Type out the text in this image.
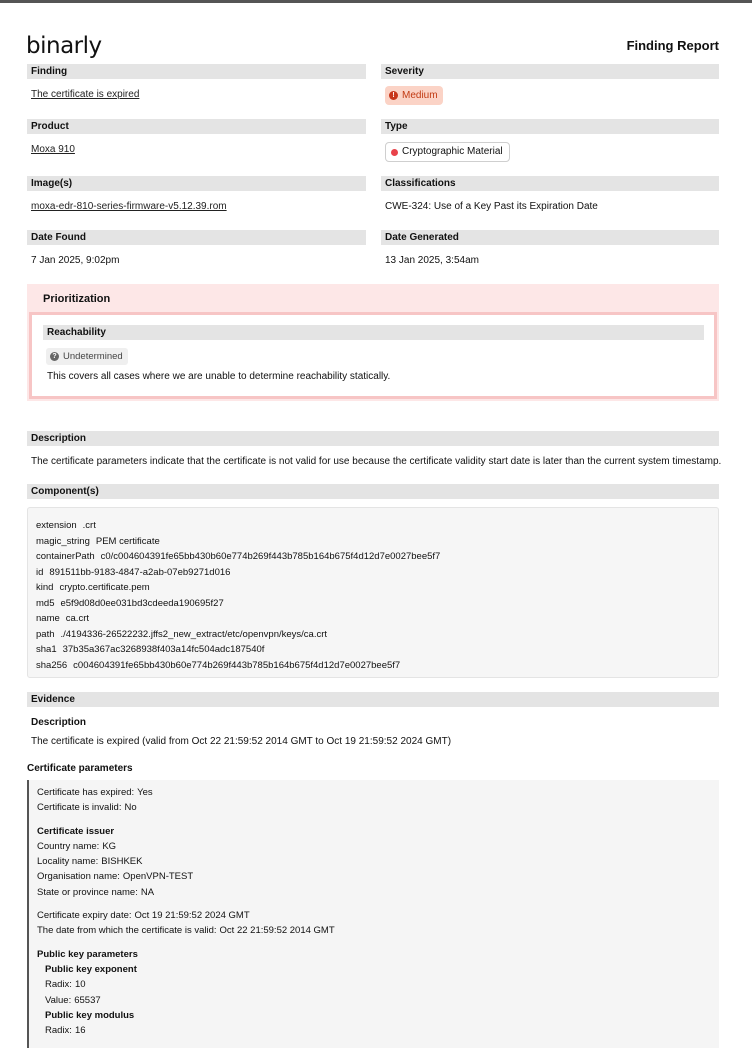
binarly	Finding Report
Finding
The certificate is expired
Severity
! Medium
Product
Moxa 910
Type
Cryptographic Material
Image(s)
moxa-edr-810-series-firmware-v5.12.39.rom
Classifications
CWE-324: Use of a Key Past its Expiration Date
Date Found
7 Jan 2025, 9:02pm
Date Generated
13 Jan 2025, 3:54am
Prioritization
Reachability
? Undetermined
This covers all cases where we are unable to determine reachability statically.
Description
The certificate parameters indicate that the certificate is not valid for use because the certificate validity start date is later than the current system timestamp.
Component(s)
extension .crt
magic_string PEM certificate
containerPath c0/c004604391fe65bb430b60e774b269f443b785b164b675f4d12d7e0027bee5f7
id 891511bb-9183-4847-a2ab-07eb9271d016
kind crypto.certificate.pem
md5 e5f9d08d0ee031bd3cdeeda190695f27
name ca.crt
path ./4194336-26522232.jffs2_new_extract/etc/openvpn/keys/ca.crt
sha1 37b35a367ac3268938f403a14fc504adc187540f
sha256 c004604391fe65bb430b60e774b269f443b785b164b675f4d12d7e0027bee5f7
Evidence
Description
The certificate is expired (valid from Oct 22 21:59:52 2014 GMT to Oct 19 21:59:52 2024 GMT)
Certificate parameters
Certificate has expired: Yes
Certificate is invalid: No
Certificate issuer
Country name: KG
Locality name: BISHKEK
Organisation name: OpenVPN-TEST
State or province name: NA
Certificate expiry date: Oct 19 21:59:52 2024 GMT
The date from which the certificate is valid: Oct 22 21:59:52 2014 GMT
Public key parameters
Public key exponent
Radix: 10
Value: 65537
Public key modulus
Radix: 16
